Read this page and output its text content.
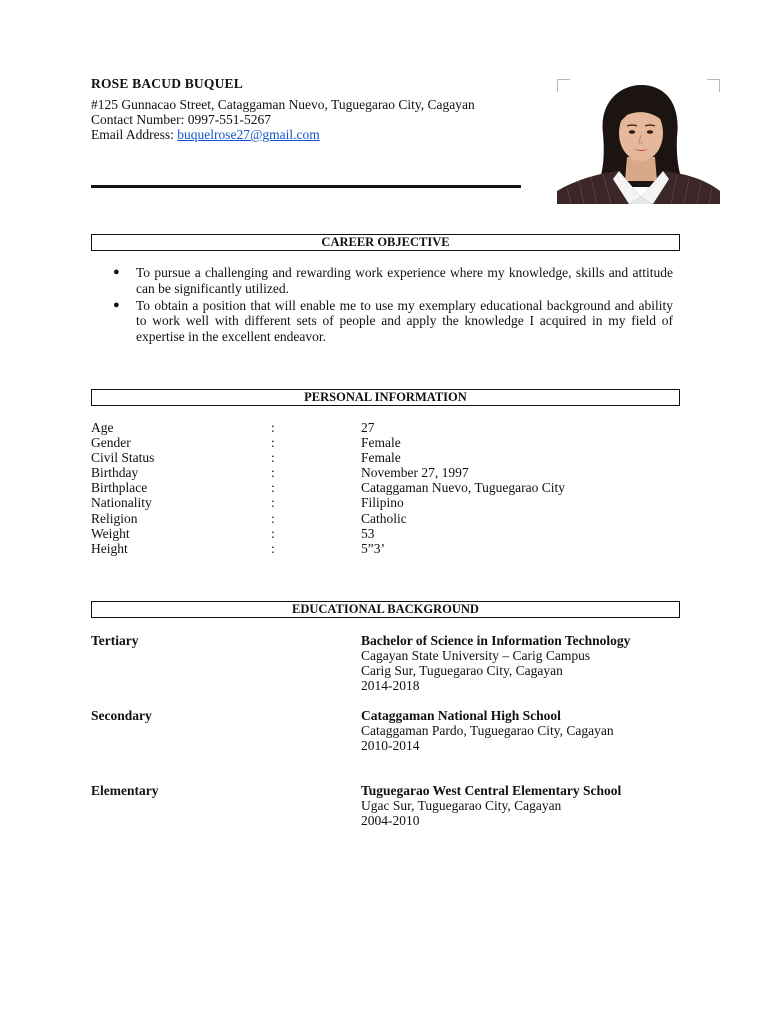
ROSE BACUD BUQUEL
#125 Gunnacao Street, Cataggaman Nuevo, Tuguegarao City, Cagayan
Contact Number: 0997-551-5267
Email Address: buquelrose27@gmail.com
CAREER OBJECTIVE
● To pursue a challenging and rewarding work experience where my knowledge, skills and attitude can be significantly utilized.
● To obtain a position that will enable me to use my exemplary educational background and ability to work well with different sets of people and apply the knowledge I acquired in my field of expertise in the excellent endeavor.
PERSONAL INFORMATION
Age	:	27
Gender	:	Female
Civil Status	:	Female
Birthday	:	November 27, 1997
Birthplace	:	Cataggaman Nuevo, Tuguegarao City
Nationality	:	Filipino
Religion	:	Catholic
Weight	:	53
Height	:	5”3’
EDUCATIONAL BACKGROUND
Tertiary	Bachelor of Science in Information Technology
Cagayan State University – Carig Campus
Carig Sur, Tuguegarao City, Cagayan
2014-2018
Secondary	Cataggaman National High School
Cataggaman Pardo, Tuguegarao City, Cagayan
2010-2014
Elementary	Tuguegarao West Central Elementary School
Ugac Sur, Tuguegarao City, Cagayan
2004-2010
